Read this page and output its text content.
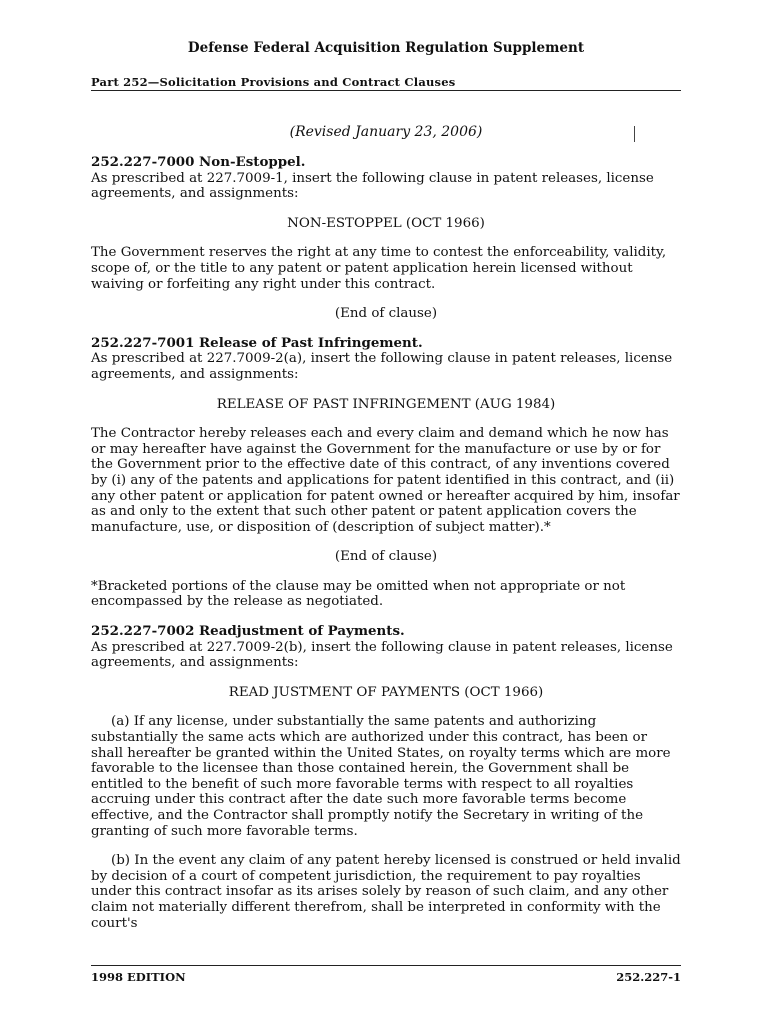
Defense Federal Acquisition Regulation Supplement
Part 252—Solicitation Provisions and Contract Clauses
(Revised January 23, 2006)
252.227-7000 Non-Estoppel.
As prescribed at 227.7009-1, insert the following clause in patent releases, license agreements, and assignments:

NON-ESTOPPEL (OCT 1966)

The Government reserves the right at any time to contest the enforceability, validity, scope of, or the title to any patent or patent application herein licensed without waiving or forfeiting any right under this contract.

(End of clause)

252.227-7001 Release of Past Infringement.
As prescribed at 227.7009-2(a), insert the following clause in patent releases, license agreements, and assignments:

RELEASE OF PAST INFRINGEMENT (AUG 1984)

The Contractor hereby releases each and every claim and demand which he now has or may hereafter have against the Government for the manufacture or use by or for the Government prior to the effective date of this contract, of any inventions covered by (i) any of the patents and applications for patent identified in this contract, and (ii) any other patent or application for patent owned or hereafter acquired by him, insofar as and only to the extent that such other patent or patent application covers the manufacture, use, or disposition of (description of subject matter).*

(End of clause)

*Bracketed portions of the clause may be omitted when not appropriate or not encompassed by the release as negotiated.

252.227-7002 Readjustment of Payments.
As prescribed at 227.7009-2(b), insert the following clause in patent releases, license agreements, and assignments:

READ JUSTMENT OF PAYMENTS (OCT 1966)

(a) If any license, under substantially the same patents and authorizing substantially the same acts which are authorized under this contract, has been or shall hereafter be granted within the United States, on royalty terms which are more favorable to the licensee than those contained herein, the Government shall be entitled to the benefit of such more favorable terms with respect to all royalties accruing under this contract after the date such more favorable terms become effective, and the Contractor shall promptly notify the Secretary in writing of the granting of such more favorable terms.

(b) In the event any claim of any patent hereby licensed is construed or held invalid by decision of a court of competent jurisdiction, the requirement to pay royalties under this contract insofar as its arises solely by reason of such claim, and any other claim not materially different therefrom, shall be interpreted in conformity with the court's

1998 EDITION	252.227-1
